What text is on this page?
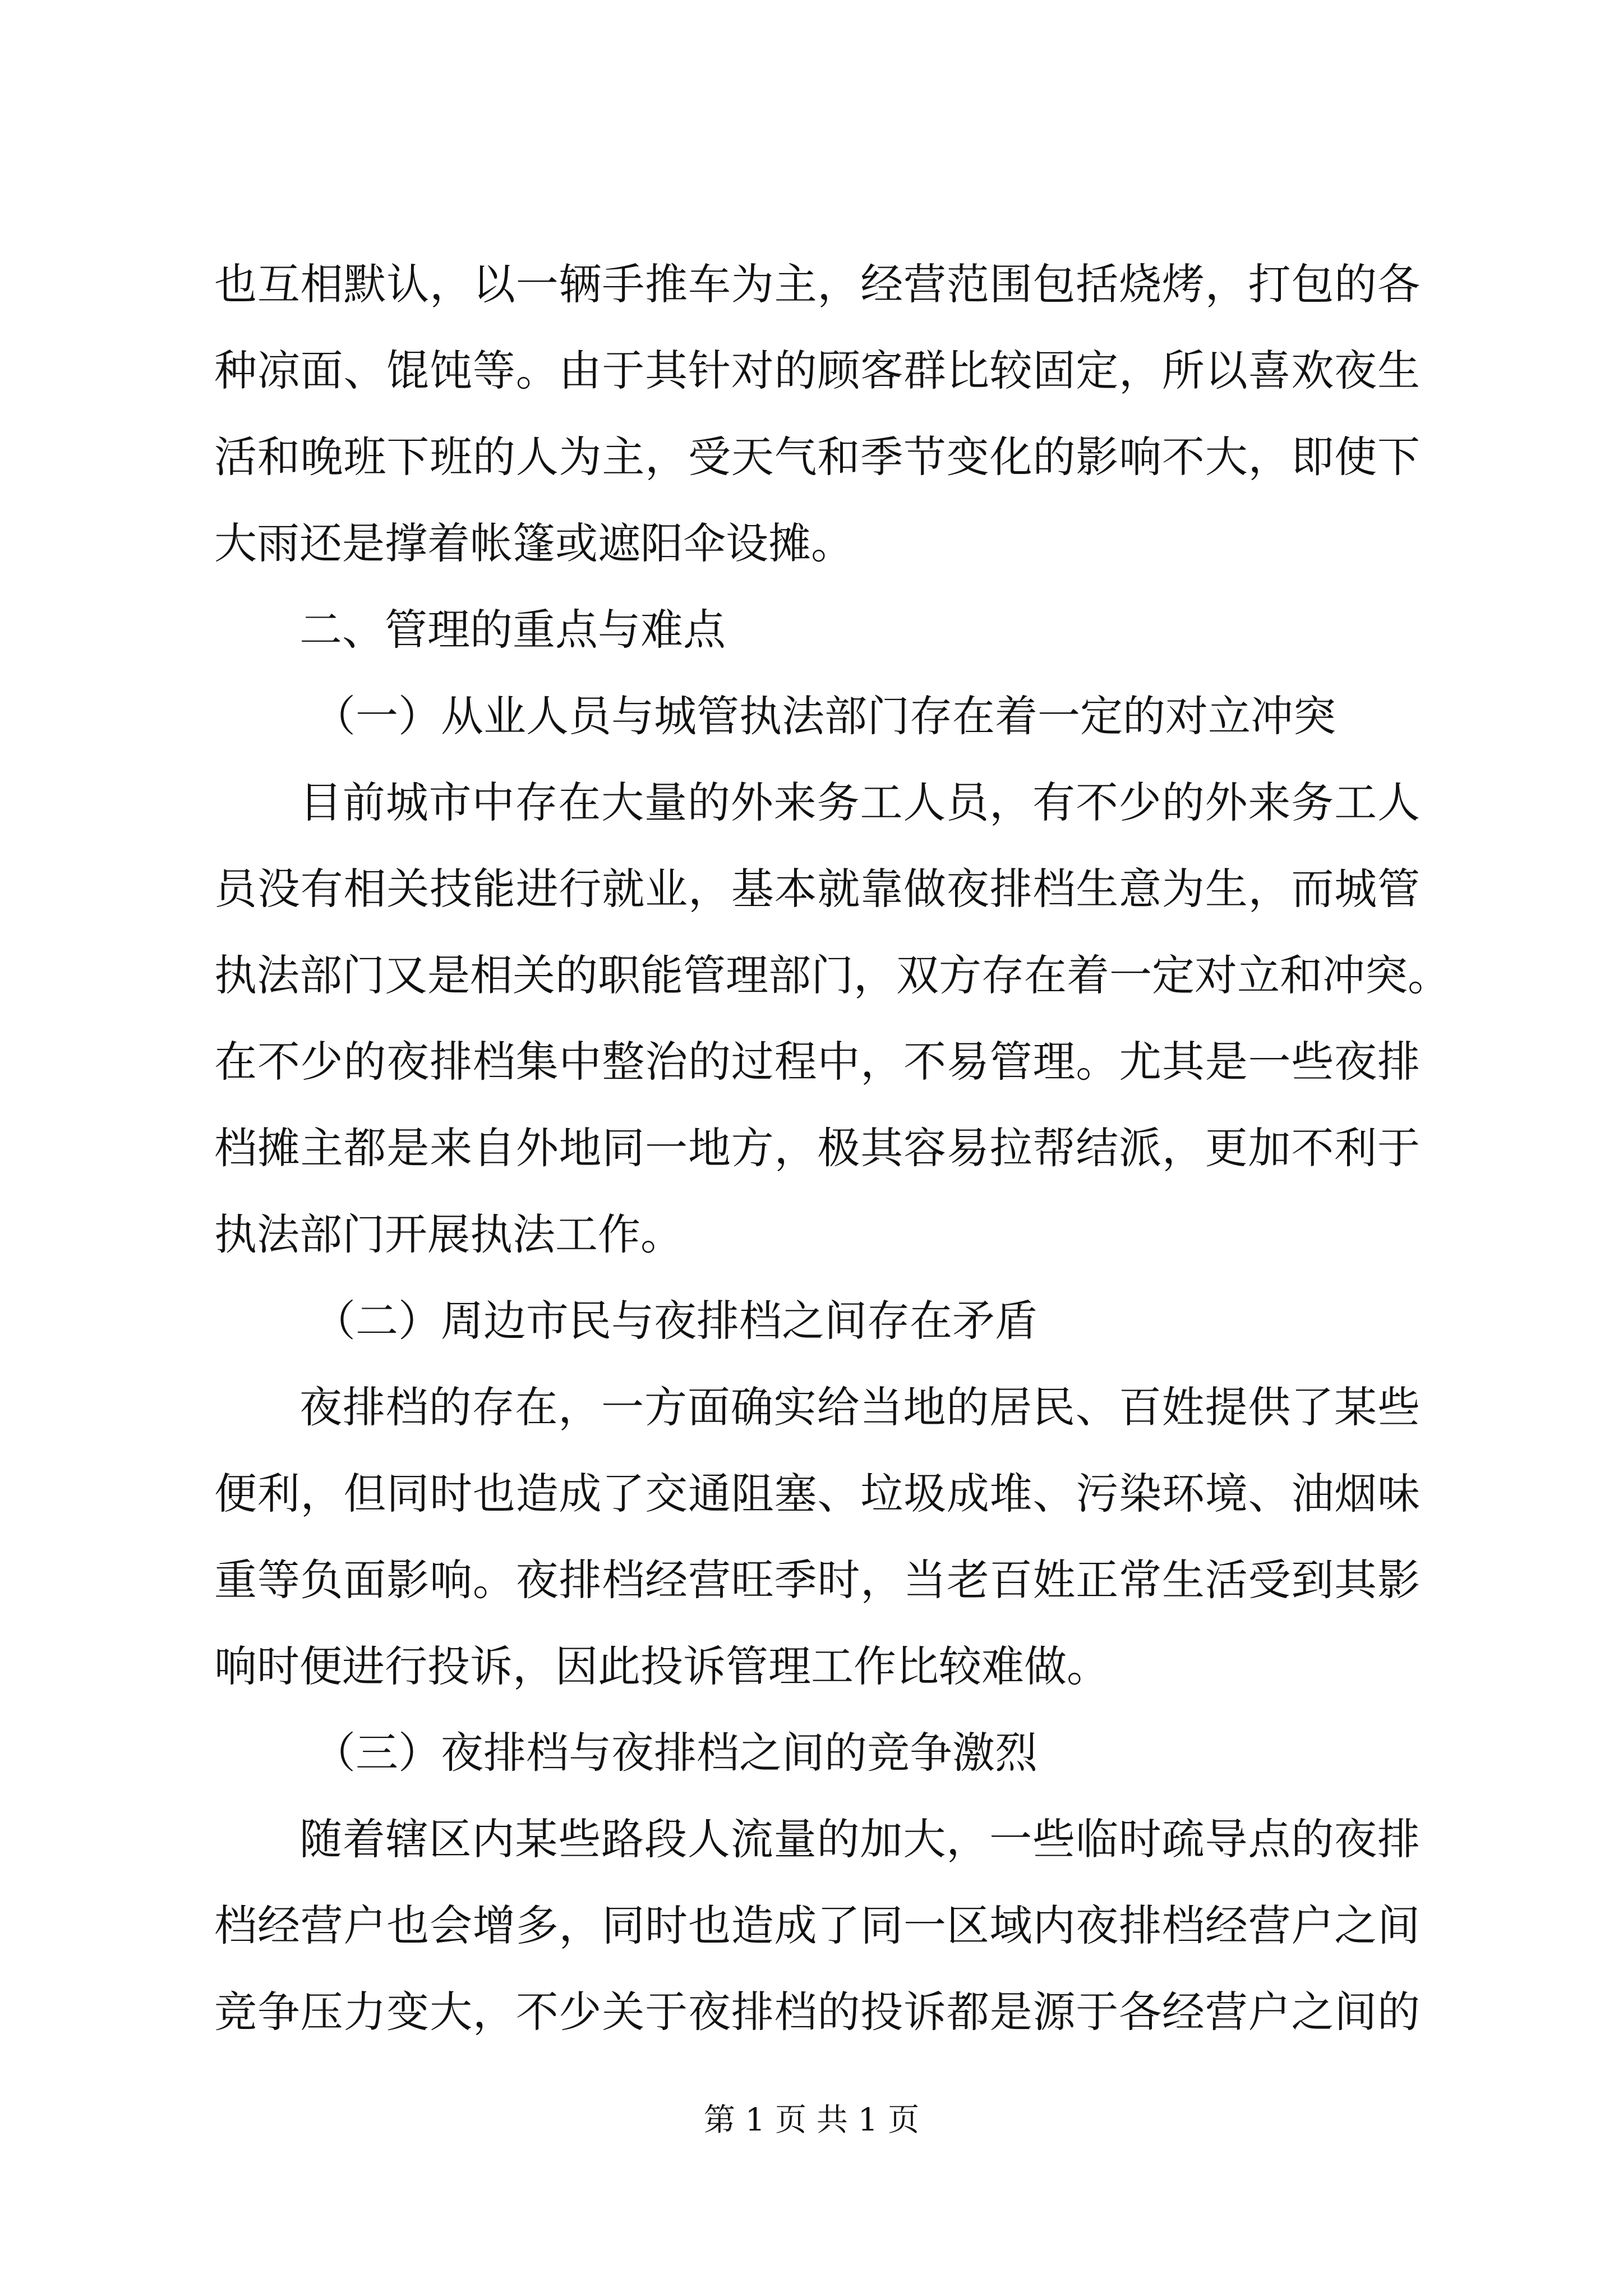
也互相默认，以一辆手推车为主，经营范围包括烧烤，打包的各
种凉面、馄饨等。由于其针对的顾客群比较固定，所以喜欢夜生
活和晚班下班的人为主，受天气和季节变化的影响不大，即使下
大雨还是撑着帐篷或遮阳伞设摊。
二、管理的重点与难点
（一）从业人员与城管执法部门存在着一定的对立冲突
目前城市中存在大量的外来务工人员，有不少的外来务工人
员没有相关技能进行就业，基本就靠做夜排档生意为生，而城管
执法部门又是相关的职能管理部门，双方存在着一定对立和冲突。
在不少的夜排档集中整治的过程中，不易管理。尤其是一些夜排
档摊主都是来自外地同一地方，极其容易拉帮结派，更加不利于
执法部门开展执法工作。
（二）周边市民与夜排档之间存在矛盾
夜排档的存在，一方面确实给当地的居民、百姓提供了某些
便利，但同时也造成了交通阻塞、垃圾成堆、污染环境、油烟味
重等负面影响。夜排档经营旺季时，当老百姓正常生活受到其影
响时便进行投诉，因此投诉管理工作比较难做。
（三）夜排档与夜排档之间的竞争激烈
随着辖区内某些路段人流量的加大，一些临时疏导点的夜排
档经营户也会增多，同时也造成了同一区域内夜排档经营户之间
竞争压力变大，不少关于夜排档的投诉都是源于各经营户之间的
第 1 页 共 1 页
